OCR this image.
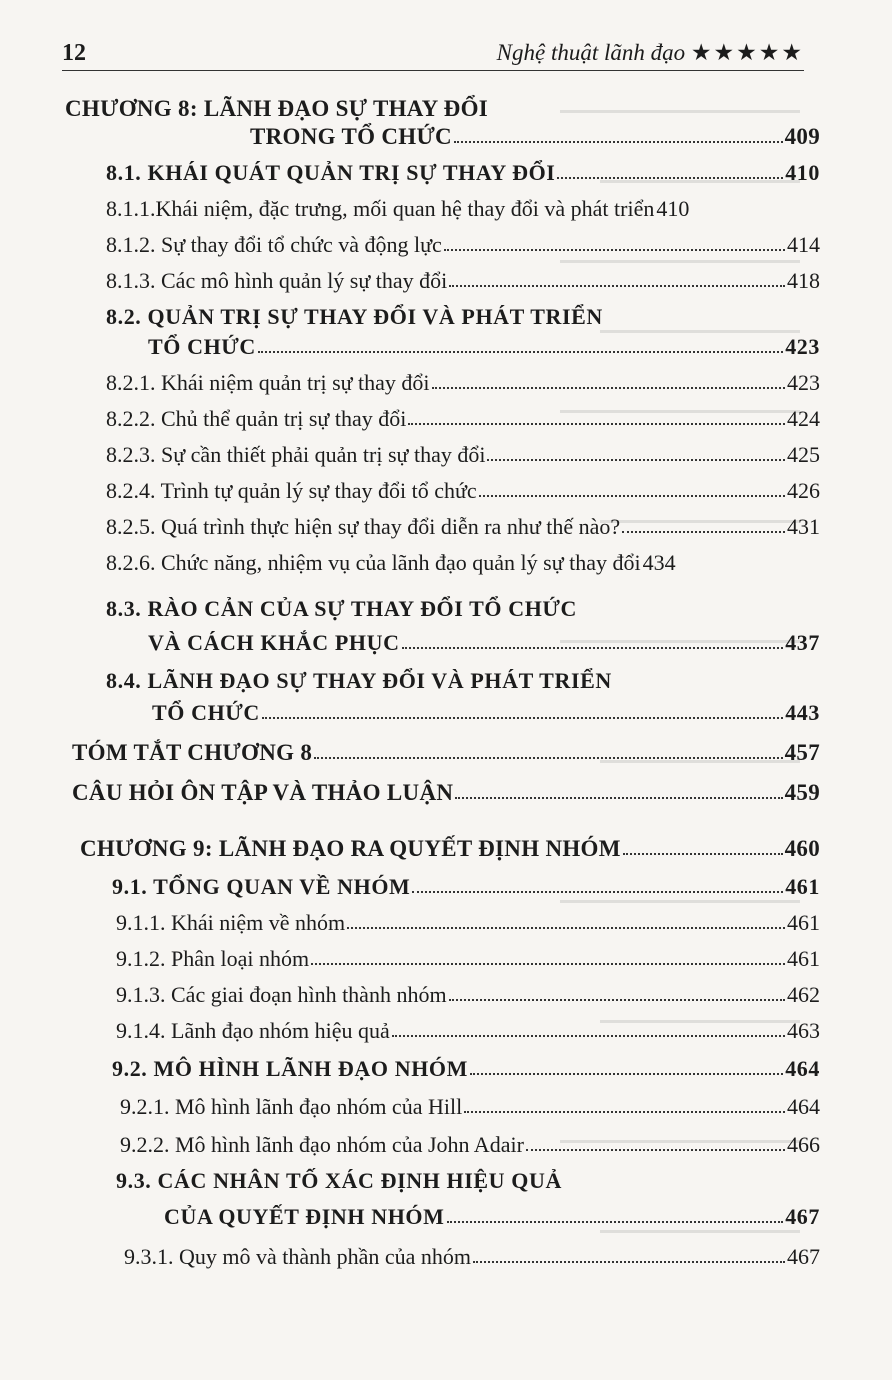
12	Nghệ thuật lãnh đạo ★★★★★
CHƯƠNG 8: LÃNH ĐẠO SỰ THAY ĐỔI
TRONG TỔ CHỨC	409
8.1. KHÁI QUÁT QUẢN TRỊ SỰ THAY ĐỔI	410
8.1.1.Khái niệm, đặc trưng, mối quan hệ thay đổi và phát triển 410
8.1.2. Sự thay đổi tổ chức và động lực	414
8.1.3. Các mô hình quản lý sự thay đổi	418
8.2. QUẢN TRỊ SỰ THAY ĐỔI VÀ PHÁT TRIỂN
TỔ CHỨC	423
8.2.1. Khái niệm quản trị sự thay đổi	423
8.2.2. Chủ thể quản trị sự thay đổi	424
8.2.3. Sự cần thiết phải quản trị sự thay đổi	425
8.2.4. Trình tự quản lý sự thay đổi tổ chức	426
8.2.5. Quá trình thực hiện sự thay đổi diễn ra như thế nào?	431
8.2.6. Chức năng, nhiệm vụ của lãnh đạo quản lý sự thay đổi 434
8.3. RÀO CẢN CỦA SỰ THAY ĐỔI TỔ CHỨC
VÀ CÁCH KHẮC PHỤC	437
8.4. LÃNH ĐẠO SỰ THAY ĐỔI VÀ PHÁT TRIỂN
TỔ CHỨC	443
TÓM TẮT CHƯƠNG 8	457
CÂU HỎI ÔN TẬP VÀ THẢO LUẬN	459
CHƯƠNG 9: LÃNH ĐẠO RA QUYẾT ĐỊNH NHÓM	460
9.1. TỔNG QUAN VỀ NHÓM	461
9.1.1. Khái niệm về nhóm	461
9.1.2. Phân loại nhóm	461
9.1.3. Các giai đoạn hình thành nhóm	462
9.1.4. Lãnh đạo nhóm hiệu quả	463
9.2. MÔ HÌNH LÃNH ĐẠO NHÓM	464
9.2.1. Mô hình lãnh đạo nhóm của Hill	464
9.2.2. Mô hình lãnh đạo nhóm của John Adair	466
9.3. CÁC NHÂN TỐ XÁC ĐỊNH HIỆU QUẢ
CỦA QUYẾT ĐỊNH NHÓM	467
9.3.1. Quy mô và thành phần của nhóm	467
